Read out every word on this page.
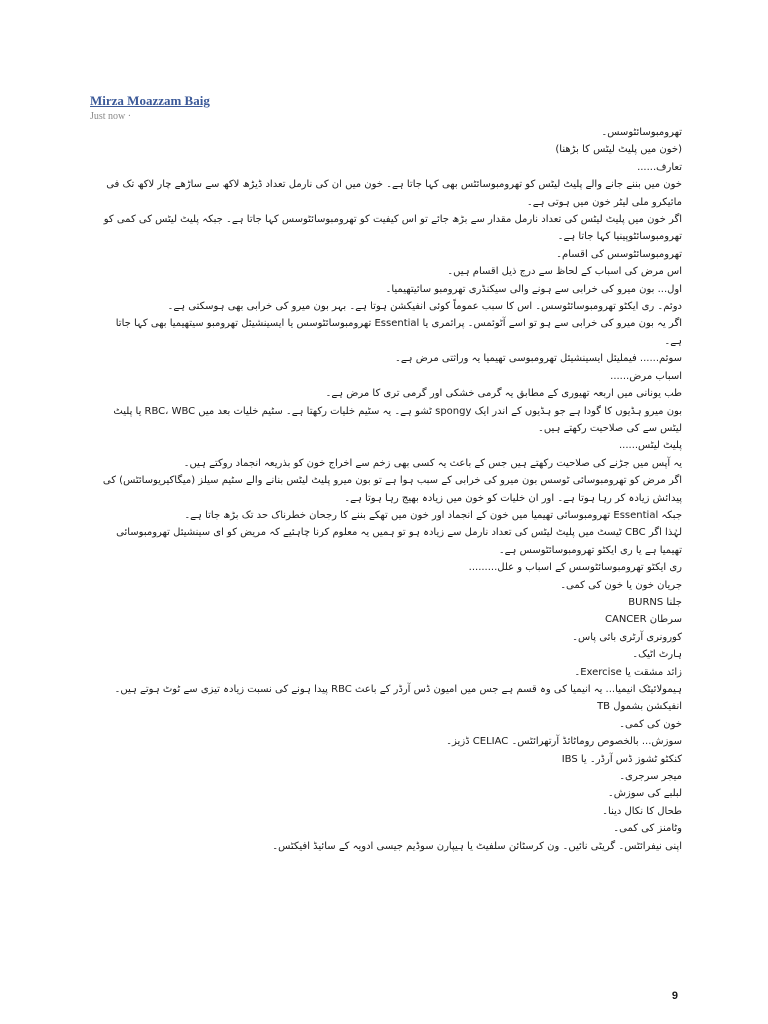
Mirza Moazzam Baig
Just now ·

تھرومبوسائٹوسس۔

(خون میں پلیٹ لیٹس کا بڑھنا)

تعارف......

خون میں بننے جانے والے پلیٹ لیٹس کو تھرومبوسائٹس بھی کہا جاتا ہے۔ خون میں ان کی نارمل تعداد ڈیڑھ لاکھ سے ساڑھے چار لاکھ تک فی مائیکرو ملی لیٹر خون میں ہوتی ہے۔

اگر خون میں پلیٹ لیٹس کی تعداد نارمل مقدار سے بڑھ جائے تو اس کیفیت کو تھرومبوسائٹوسس کہا جاتا ہے۔ جبکہ پلیٹ لیٹس کی کمی کو تھرومبوسائٹوپینیا کہا جاتا ہے۔

تھرومبوسائٹوسس کی اقسام۔

اس مرض کی اسباب کے لحاظ سے درج ذیل اقسام ہیں۔

اول... بون میرو کی خرابی سے ہونے والی سیکنڈری تھرومبو سائیتھیمیا۔

دوئم۔ ری ایکٹو تھرومبوسائٹوسس۔ اس کا سبب عموماً کوئی انفیکشن ہوتا ہے۔ بہر بون میرو کی خرابی بھی ہوسکتی ہے۔

اگر یہ بون میرو کی خرابی سے ہو تو اسے آٹوئمس۔ پرائمری یا Essential تھرومبوسائٹوسس یا ایسینشیئل تھرومبو سیتھیمیا بھی کہا جاتا ہے۔

سوئم...... فیملیئل ایسینشیئل تھرومبوسی تھیمیا یہ وراثتی مرض ہے۔

اسباب مرض......

طب یونانی میں اربعہ تھیوری کے مطابق یہ گرمی خشکی اور گرمی تری کا مرض ہے۔

بون میرو ہڈیوں کا گودا ہے جو ہڈیوں کے اندر ایک spongy ٹشو ہے۔ یہ سٹیم خلیات رکھتا ہے۔ سٹیم خلیات بعد میں RBC، WBC یا پلیٹ لیٹس سے کی صلاحیت رکھتے ہیں۔

پلیٹ لیٹس......

یہ آپس میں جڑنے کی صلاحیت رکھتے ہیں جس کے باعث یہ کسی بھی زخم سے اخراج خون کو بذریعہ انجماد روکتے ہیں۔

اگر مرض کو تھرومبوسائی ٹوسس بون میرو کی خرابی کے سبب ہوا ہے تو بون میرو پلیٹ لیٹس بنانے والے سٹیم سیلز (میگاکیریوسائٹس) کی پیدائش زیادہ کر رہا ہوتا ہے۔ اور ان خلیات کو خون میں زیادہ بھیج رہا ہوتا ہے۔

جبکہ Essential تھرومبوسائی تھیمیا میں خون کے انجماد اور خون میں تھکے بننے کا رجحان خطرناک حد تک بڑھ جاتا ہے۔

لہٰذا اگر CBC ٹیسٹ میں پلیٹ لیٹس کی تعداد نارمل سے زیادہ ہو تو ہمیں یہ معلوم کرنا چاہئیے کہ مریض کو ای سینشیئل تھرومبوسائی تھیمیا ہے یا ری ایکٹو تھرومبوسائٹوسس ہے۔

ری ایکٹو تھرومبوسائٹوسس کے اسباب و علل.........

جریان خون یا خون کی کمی۔

جلنا BURNS

سرطان CANCER

کورونری آرٹری بائی پاس۔

ہارٹ اٹیک۔

زائد مشقت یا Exercise۔

ہیمولائیٹک انیمیا... یہ انیمیا کی وہ قسم ہے جس میں امیون ڈس آرڈر کے باعث RBC پیدا ہونے کی نسبت زیادہ تیزی سے ٹوٹ ہوتے ہیں۔

انفیکشن بشمول TB

خون کی کمی۔

سوزش... بالخصوص روماٹائڈ آرتھرائٹس۔ CELIAC ڈزیز۔

کنکٹو ٹشوز ڈس آرڈر۔ یا IBS

میجر سرجری۔

لبلبے کی سوزش۔

طحال کا نکال دینا۔

وٹامنز کی کمی۔

اپنی نیفرائٹس۔ گریٹی نائیں۔ ون کرسٹائن سلفیٹ یا ہیپارن سوڈیم جیسی ادویہ کے سائیڈ افیکٹس۔

9
